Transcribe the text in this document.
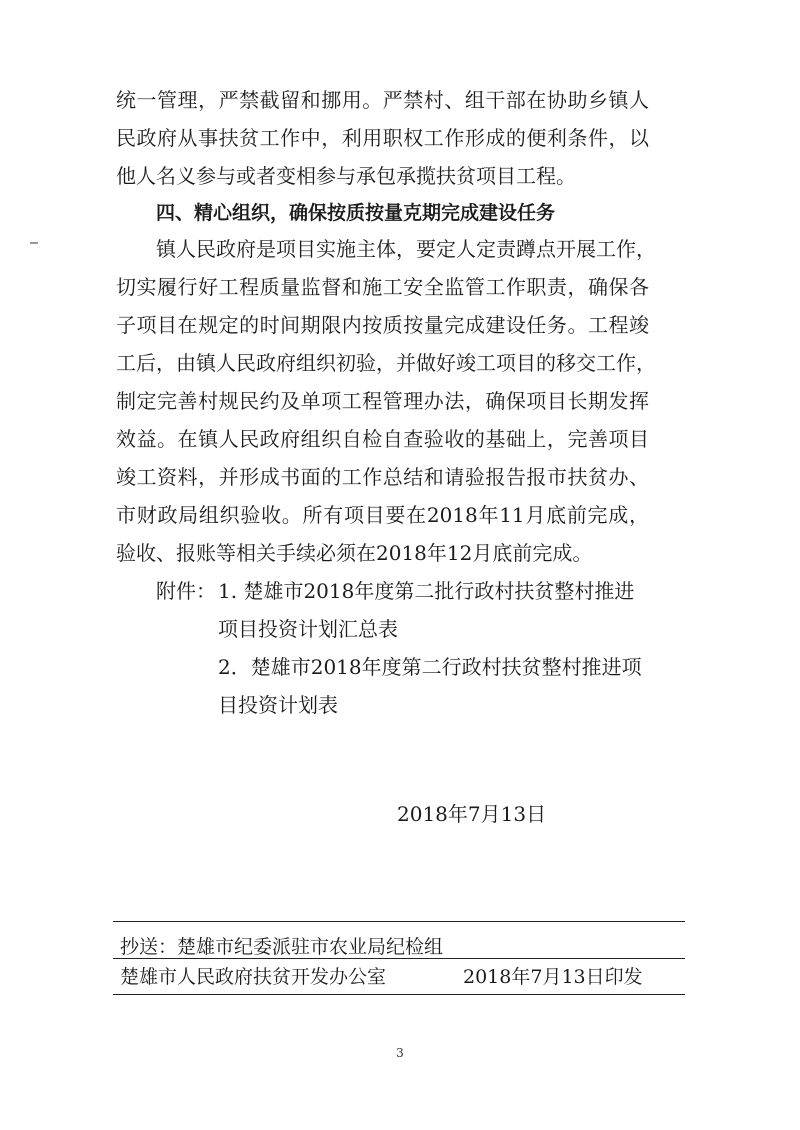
统一管理，严禁截留和挪用。严禁村、组干部在协助乡镇人
民政府从事扶贫工作中，利用职权工作形成的便利条件，以
他人名义参与或者变相参与承包承揽扶贫项目工程。
四、精心组织，确保按质按量克期完成建设任务
镇人民政府是项目实施主体，要定人定责蹲点开展工作，
切实履行好工程质量监督和施工安全监管工作职责，确保各
子项目在规定的时间期限内按质按量完成建设任务。工程竣
工后，由镇人民政府组织初验，并做好竣工项目的移交工作，
制定完善村规民约及单项工程管理办法，确保项目长期发挥
效益。在镇人民政府组织自检自查验收的基础上，完善项目
竣工资料，并形成书面的工作总结和请验报告报市扶贫办、
市财政局组织验收。所有项目要在2018年11月底前完成，
验收、报账等相关手续必须在2018年12月底前完成。
附件： 1. 楚雄市2018年度第二批行政村扶贫整村推进
项目投资计划汇总表
2．楚雄市2018年度第二行政村扶贫整村推进项
目投资计划表
2018年7月13日
抄送：楚雄市纪委派驻市农业局纪检组
楚雄市人民政府扶贫开发办公室	2018年7月13日印发
3
